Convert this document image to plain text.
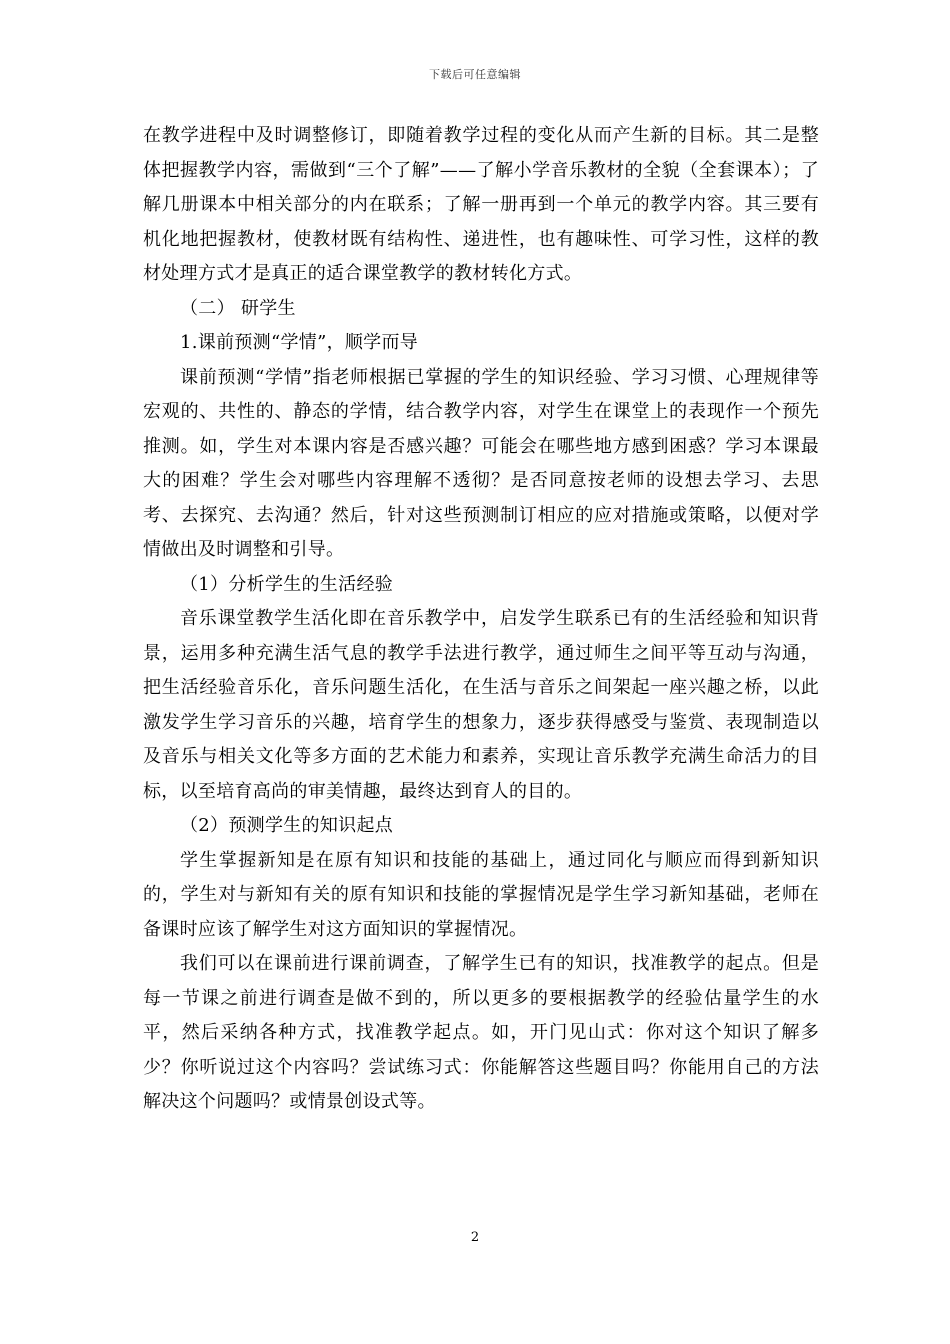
下载后可任意编辑

在教学进程中及时调整修订，即随着教学过程的变化从而产生新的目标。其二是整体把握教学内容，需做到“三个了解”——了解小学音乐教材的全貌（全套课本）；了解几册课本中相关部分的内在联系；了解一册再到一个单元的教学内容。其三要有机化地把握教材，使教材既有结构性、递进性，也有趣味性、可学习性，这样的教材处理方式才是真正的适合课堂教学的教材转化方式。

（二） 研学生

1.课前预测“学情”，顺学而导

课前预测“学情”指老师根据已掌握的学生的知识经验、学习习惯、心理规律等宏观的、共性的、静态的学情，结合教学内容，对学生在课堂上的表现作一个预先推测。如，学生对本课内容是否感兴趣？可能会在哪些地方感到困惑？学习本课最大的困难？学生会对哪些内容理解不透彻？是否同意按老师的设想去学习、去思考、去探究、去沟通？然后，针对这些预测制订相应的应对措施或策略，以便对学情做出及时调整和引导。

（1）分析学生的生活经验

音乐课堂教学生活化即在音乐教学中，启发学生联系已有的生活经验和知识背景，运用多种充满生活气息的教学手法进行教学，通过师生之间平等互动与沟通，把生活经验音乐化，音乐问题生活化，在生活与音乐之间架起一座兴趣之桥，以此激发学生学习音乐的兴趣，培育学生的想象力，逐步获得感受与鉴赏、表现制造以及音乐与相关文化等多方面的艺术能力和素养，实现让音乐教学充满生命活力的目标，以至培育高尚的审美情趣，最终达到育人的目的。

（2）预测学生的知识起点

学生掌握新知是在原有知识和技能的基础上，通过同化与顺应而得到新知识的，学生对与新知有关的原有知识和技能的掌握情况是学生学习新知基础，老师在备课时应该了解学生对这方面知识的掌握情况。

我们可以在课前进行课前调查，了解学生已有的知识，找准教学的起点。但是每一节课之前进行调查是做不到的，所以更多的要根据教学的经验估量学生的水平，然后采纳各种方式，找准教学起点。如，开门见山式：你对这个知识了解多少？你听说过这个内容吗？尝试练习式：你能解答这些题目吗？你能用自己的方法解决这个问题吗？或情景创设式等。

2
